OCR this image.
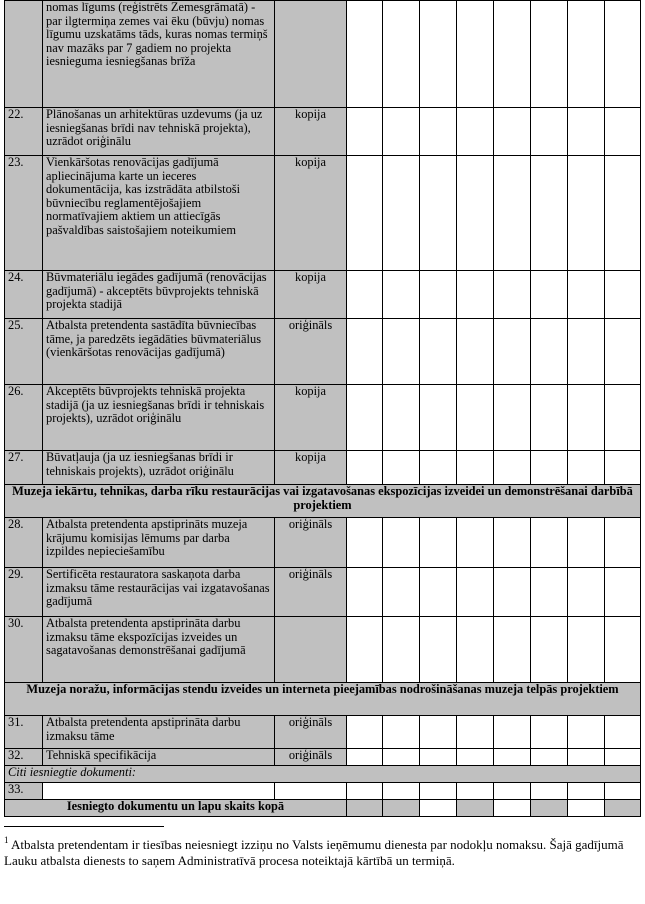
	nomas līgums (reģistrēts Zemesgrāmatā) - par ilgtermiņa zemes vai ēku (būvju) nomas līgumu uzskatāms tāds, kuras nomas termiņš nav mazāks par 7 gadiem no projekta iesnieguma iesniegšanas brīža									
22.	Plānošanas un arhitektūras uzdevums (ja uz iesniegšanas brīdi nav tehniskā projekta), uzrādot oriģinālu	kopija								
23.	Vienkāršotas renovācijas gadījumā apliecinājuma karte un ieceres dokumentācija, kas izstrādāta atbilstoši būvniecību reglamentējošajiem normatīvajiem aktiem un attiecīgās pašvaldības saistošajiem noteikumiem	kopija								
24.	Būvmateriālu iegādes gadījumā (renovācijas gadījumā) - akceptēts būvprojekts tehniskā projekta stadijā	kopija								
25.	Atbalsta pretendenta sastādīta būvniecības tāme, ja paredzēts iegādāties būvmateriālus (vienkāršotas renovācijas gadījumā)	oriģināls								
26.	Akceptēts būvprojekts tehniskā projekta stadijā (ja uz iesniegšanas brīdi ir tehniskais projekts), uzrādot oriģinālu	kopija								
27.	Būvatļauja (ja uz iesniegšanas brīdi ir tehniskais projekts), uzrādot oriģinālu	kopija								
Muzeja iekārtu, tehnikas, darba rīku restaurācijas vai izgatavošanas ekspozīcijas izveidei un demonstrēšanai darbībā projektiem										
28.	Atbalsta pretendenta apstiprināts muzeja krājumu komisijas lēmums par darba izpildes nepieciešamību	oriģināls								
29.	Sertificēta restauratora saskaņota darba izmaksu tāme restaurācijas vai izgatavošanas gadījumā	oriģināls								
30.	Atbalsta pretendenta apstiprināta darbu izmaksu tāme ekspozīcijas izveides un sagatavošanas demonstrēšanai gadījumā									
Muzeja noražu, informācijas stendu izveides un interneta pieejamības nodrošināšanas muzeja telpās projektiem										
31.	Atbalsta pretendenta apstiprināta darbu izmaksu tāme	oriģināls								
32.	Tehniskā specifikācija	oriģināls								
Citi iesniegtie dokumenti:										
33.										
Iesniegto dokumentu un lapu skaits kopā										
$^1$ Atbalsta pretendentam ir tiesības neiesniegt izziņu no Valsts ieņēmumu dienesta par nodokļu nomaksu. Šajā gadījumā Lauku atbalsta dienests to saņem Administratīvā procesa noteiktajā kārtībā un termiņā.
